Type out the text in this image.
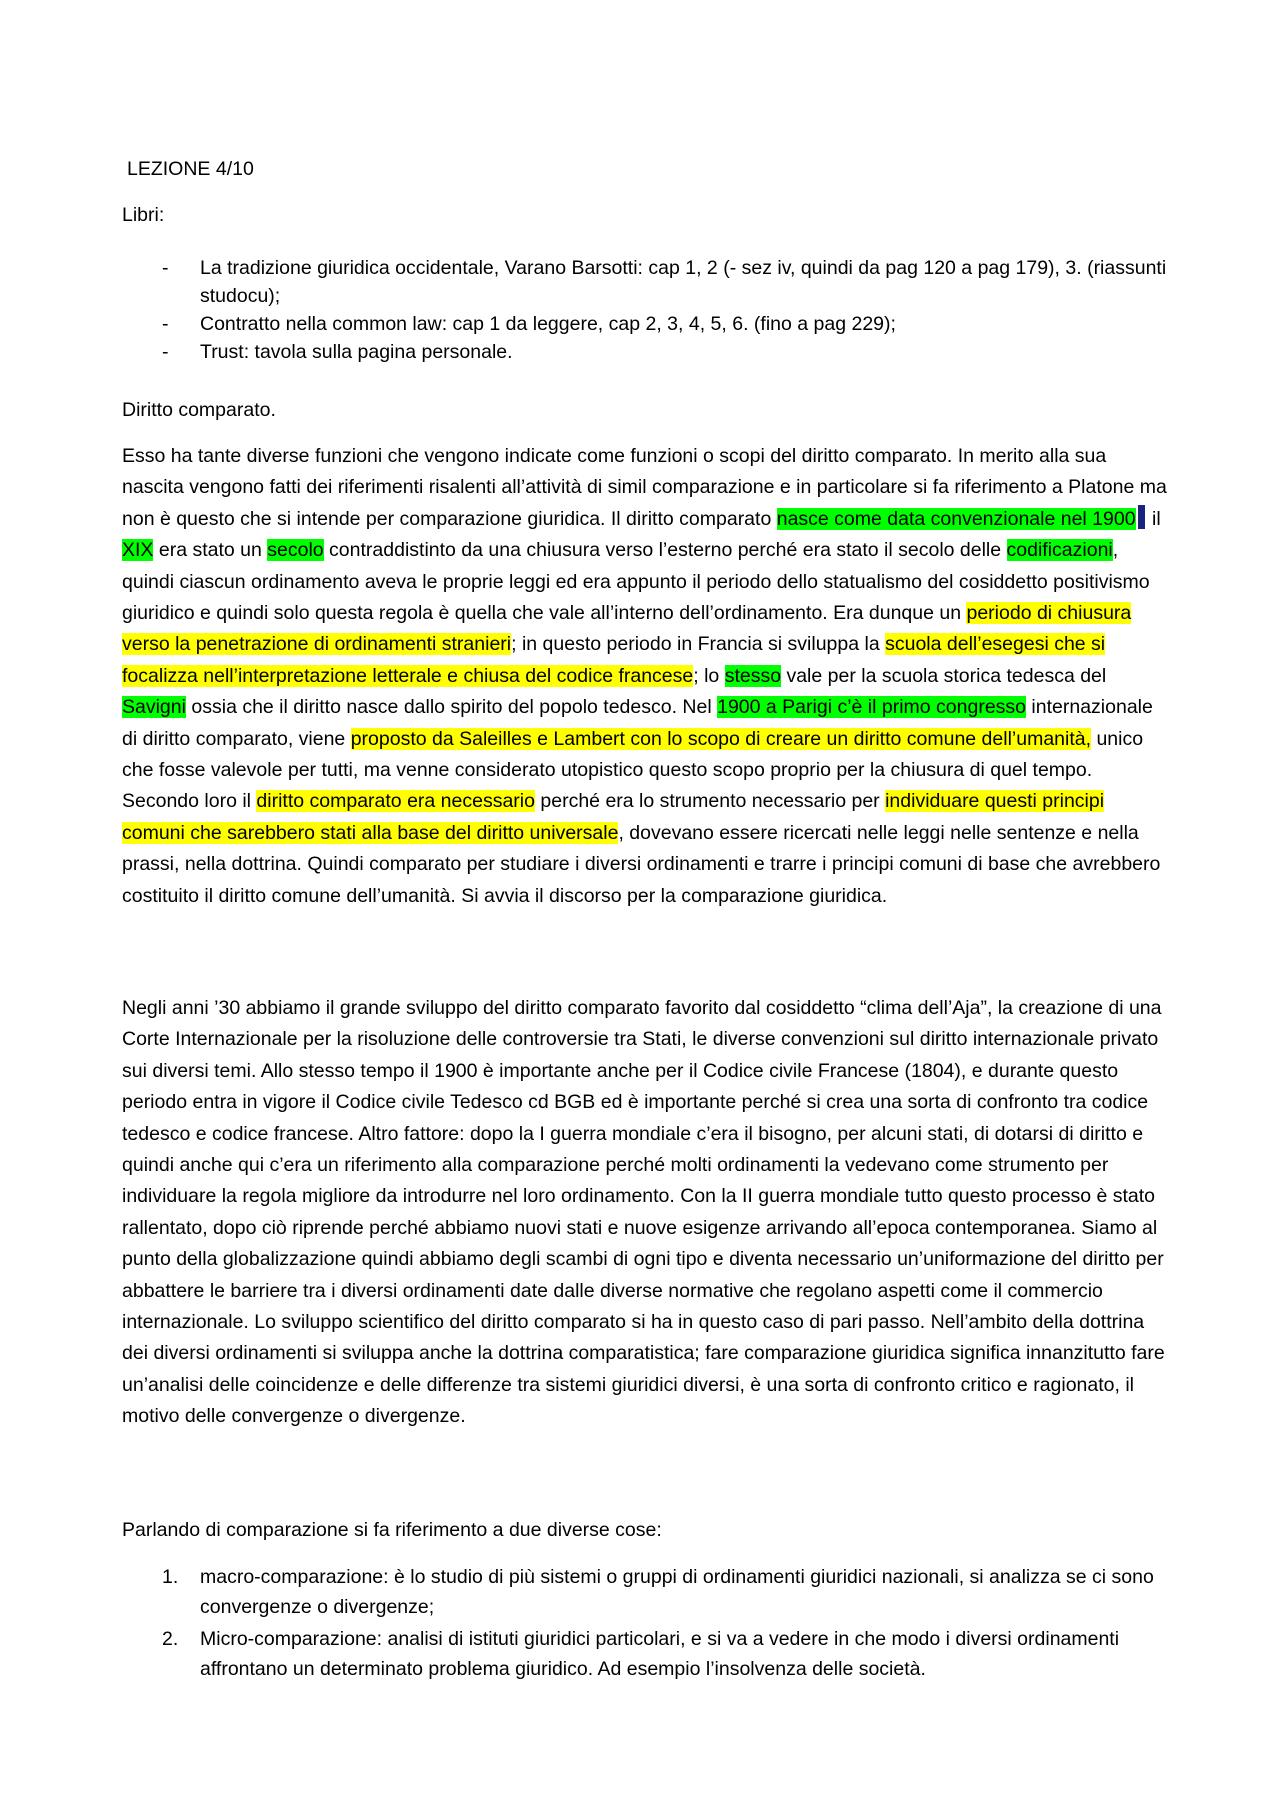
LEZIONE 4/10
Libri:
- La tradizione giuridica occidentale, Varano Barsotti: cap 1, 2 (- sez iv, quindi da pag 120 a pag 179), 3. (riassunti studocu);
- Contratto nella common law: cap 1 da leggere, cap 2, 3, 4, 5, 6. (fino a pag 229);
- Trust: tavola sulla pagina personale.
Diritto comparato.

Esso ha tante diverse funzioni che vengono indicate come funzioni o scopi del diritto comparato. In merito alla sua nascita vengono fatti dei riferimenti risalenti all’attività di simil comparazione e in particolare si fa riferimento a Platone ma non è questo che si intende per comparazione giuridica. Il diritto comparato nasce come data convenzionale nel 1900 il XIX era stato un secolo contraddistinto da una chiusura verso l’esterno perché era stato il secolo delle codificazioni, quindi ciascun ordinamento aveva le proprie leggi ed era appunto il periodo dello statualismo del cosiddetto positivismo giuridico e quindi solo questa regola è quella che vale all’interno dell’ordinamento. Era dunque un periodo di chiusura verso la penetrazione di ordinamenti stranieri; in questo periodo in Francia si sviluppa la scuola dell’esegesi che si focalizza nell’interpretazione letterale e chiusa del codice francese; lo stesso vale per la scuola storica tedesca del Savigni ossia che il diritto nasce dallo spirito del popolo tedesco. Nel 1900 a Parigi c’è il primo congresso internazionale di diritto comparato, viene proposto da Saleilles e Lambert con lo scopo di creare un diritto comune dell’umanità, unico che fosse valevole per tutti, ma venne considerato utopistico questo scopo proprio per la chiusura di quel tempo. Secondo loro il diritto comparato era necessario perché era lo strumento necessario per individuare questi principi comuni che sarebbero stati alla base del diritto universale, dovevano essere ricercati nelle leggi nelle sentenze e nella prassi, nella dottrina. Quindi comparato per studiare i diversi ordinamenti e trarre i principi comuni di base che avrebbero costituito il diritto comune dell’umanità. Si avvia il discorso per la comparazione giuridica.

Negli anni ’30 abbiamo il grande sviluppo del diritto comparato favorito dal cosiddetto “clima dell’Aja”, la creazione di una Corte Internazionale per la risoluzione delle controversie tra Stati, le diverse convenzioni sul diritto internazionale privato sui diversi temi. Allo stesso tempo il 1900 è importante anche per il Codice civile Francese (1804), e durante questo periodo entra in vigore il Codice civile Tedesco cd BGB ed è importante perché si crea una sorta di confronto tra codice tedesco e codice francese. Altro fattore: dopo la I guerra mondiale c’era il bisogno, per alcuni stati, di dotarsi di diritto e quindi anche qui c’era un riferimento alla comparazione perché molti ordinamenti la vedevano come strumento per individuare la regola migliore da introdurre nel loro ordinamento. Con la II guerra mondiale tutto questo processo è stato rallentato, dopo ciò riprende perché abbiamo nuovi stati e nuove esigenze arrivando all’epoca contemporanea. Siamo al punto della globalizzazione quindi abbiamo degli scambi di ogni tipo e diventa necessario un’uniformazione del diritto per abbattere le barriere tra i diversi ordinamenti date dalle diverse normative che regolano aspetti come il commercio internazionale. Lo sviluppo scientifico del diritto comparato si ha in questo caso di pari passo. Nell’ambito della dottrina dei diversi ordinamenti si sviluppa anche la dottrina comparatistica; fare comparazione giuridica significa innanzitutto fare un’analisi delle coincidenze e delle differenze tra sistemi giuridici diversi, è una sorta di confronto critico e ragionato, il motivo delle convergenze o divergenze.

Parlando di comparazione si fa riferimento a due diverse cose:

1. macro-comparazione: è lo studio di più sistemi o gruppi di ordinamenti giuridici nazionali, si analizza se ci sono convergenze o divergenze;
2. Micro-comparazione: analisi di istituti giuridici particolari, e si va a vedere in che modo i diversi ordinamenti affrontano un determinato problema giuridico. Ad esempio l’insolvenza delle società.
